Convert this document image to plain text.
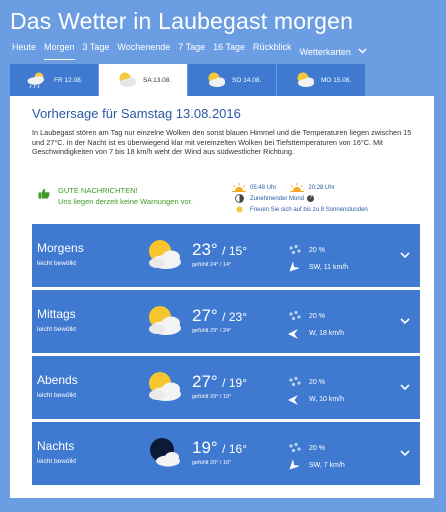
Das Wetter in Laubegast morgen
Heute Morgen 3 Tage Wochenende 7 Tage 16 Tage Rückblick Wetterkarten
FR 12.08.	SA 13.08.	SO 14.08.	MO 15.08.
Vorhersage für Samstag 13.08.2016
In Laubegast stören am Tag nur einzelne Wolken den sonst blauen Himmel und die Temperaturen liegen zwischen 15 und 27°C. In der Nacht ist es überwiegend klar mit vereinzelten Wolken bei Tiefsttemperaturen von 16°C. Mit Geschwindigkeiten von 7 bis 18 km/h weht der Wind aus südwestlicher Richtung.
GUTE NACHRICHTEN!
Uns liegen derzeit keine Warnungen vor.
05:48 Uhr	20:28 Uhr
Zunehmender Mond	?
Freuen Sie sich auf bis zu 8 Sonnenstunden
Morgens
leicht bewölkt
23° / 15°
gefühlt 24° / 14°
20 %
SW, 11 km/h
Mittags
leicht bewölkt
27° / 23°
gefühlt 29° / 24°
20 %
W, 18 km/h
Abends
leicht bewölkt
27° / 19°
gefühlt 29° / 19°
20 %
W, 10 km/h
Nachts
leicht bewölkt
19° / 16°
gefühlt 20° / 16°
20 %
SW, 7 km/h
